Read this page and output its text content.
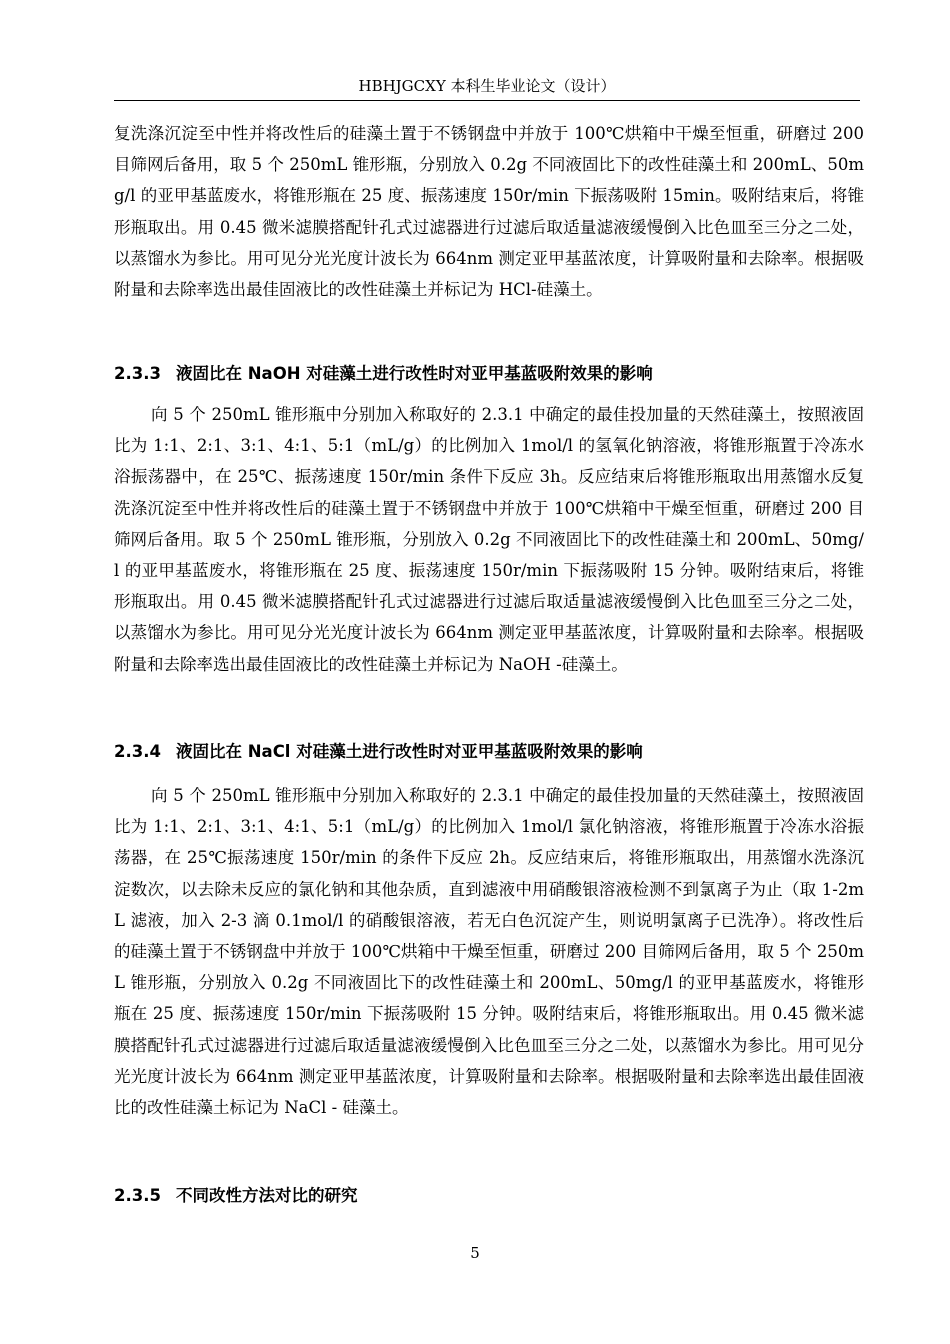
HBHJGCXY 本科生毕业论文（设计）

复洗涤沉淀至中性并将改性后的硅藻土置于不锈钢盘中并放于 100℃烘箱中干燥至恒重，研磨过 200 目筛网后备用，取 5 个 250mL 锥形瓶，分别放入 0.2g 不同液固比下的改性硅藻土和 200mL、50mg/l 的亚甲基蓝废水，将锥形瓶在 25 度、振荡速度 150r/min 下振荡吸附 15min。吸附结束后，将锥形瓶取出。用 0.45 微米滤膜搭配针孔式过滤器进行过滤后取适量滤液缓慢倒入比色皿至三分之二处，以蒸馏水为参比。用可见分光光度计波长为 664nm 测定亚甲基蓝浓度，计算吸附量和去除率。根据吸附量和去除率选出最佳固液比的改性硅藻土并标记为 HCl-硅藻土。

2.3.3 液固比在 NaOH 对硅藻土进行改性时对亚甲基蓝吸附效果的影响

向 5 个 250mL 锥形瓶中分别加入称取好的 2.3.1 中确定的最佳投加量的天然硅藻土，按照液固比为 1:1、2:1、3:1、4:1、5:1（mL/g）的比例加入 1mol/l 的氢氧化钠溶液，将锥形瓶置于冷冻水浴振荡器中，在 25℃、振荡速度 150r/min 条件下反应 3h。反应结束后将锥形瓶取出用蒸馏水反复洗涤沉淀至中性并将改性后的硅藻土置于不锈钢盘中并放于 100℃烘箱中干燥至恒重，研磨过 200 目筛网后备用。取 5 个 250mL 锥形瓶，分别放入 0.2g 不同液固比下的改性硅藻土和 200mL、50mg/l 的亚甲基蓝废水，将锥形瓶在 25 度、振荡速度 150r/min 下振荡吸附 15 分钟。吸附结束后，将锥形瓶取出。用 0.45 微米滤膜搭配针孔式过滤器进行过滤后取适量滤液缓慢倒入比色皿至三分之二处，以蒸馏水为参比。用可见分光光度计波长为 664nm 测定亚甲基蓝浓度，计算吸附量和去除率。根据吸附量和去除率选出最佳固液比的改性硅藻土并标记为 NaOH -硅藻土。

2.3.4 液固比在 NaCl 对硅藻土进行改性时对亚甲基蓝吸附效果的影响

向 5 个 250mL 锥形瓶中分别加入称取好的 2.3.1 中确定的最佳投加量的天然硅藻土，按照液固比为 1:1、2:1、3:1、4:1、5:1（mL/g）的比例加入 1mol/l 氯化钠溶液，将锥形瓶置于冷冻水浴振荡器，在 25℃振荡速度 150r/min 的条件下反应 2h。反应结束后，将锥形瓶取出，用蒸馏水洗涤沉淀数次，以去除未反应的氯化钠和其他杂质，直到滤液中用硝酸银溶液检测不到氯离子为止（取 1-2mL 滤液，加入 2-3 滴 0.1mol/l 的硝酸银溶液，若无白色沉淀产生，则说明氯离子已洗净）。将改性后的硅藻土置于不锈钢盘中并放于 100℃烘箱中干燥至恒重，研磨过 200 目筛网后备用，取 5 个 250mL 锥形瓶，分别放入 0.2g 不同液固比下的改性硅藻土和 200mL、50mg/l 的亚甲基蓝废水，将锥形瓶在 25 度、振荡速度 150r/min 下振荡吸附 15 分钟。吸附结束后，将锥形瓶取出。用 0.45 微米滤膜搭配针孔式过滤器进行过滤后取适量滤液缓慢倒入比色皿至三分之二处，以蒸馏水为参比。用可见分光光度计波长为 664nm 测定亚甲基蓝浓度，计算吸附量和去除率。根据吸附量和去除率选出最佳固液比的改性硅藻土标记为 NaCl - 硅藻土。

2.3.5 不同改性方法对比的研究
5
